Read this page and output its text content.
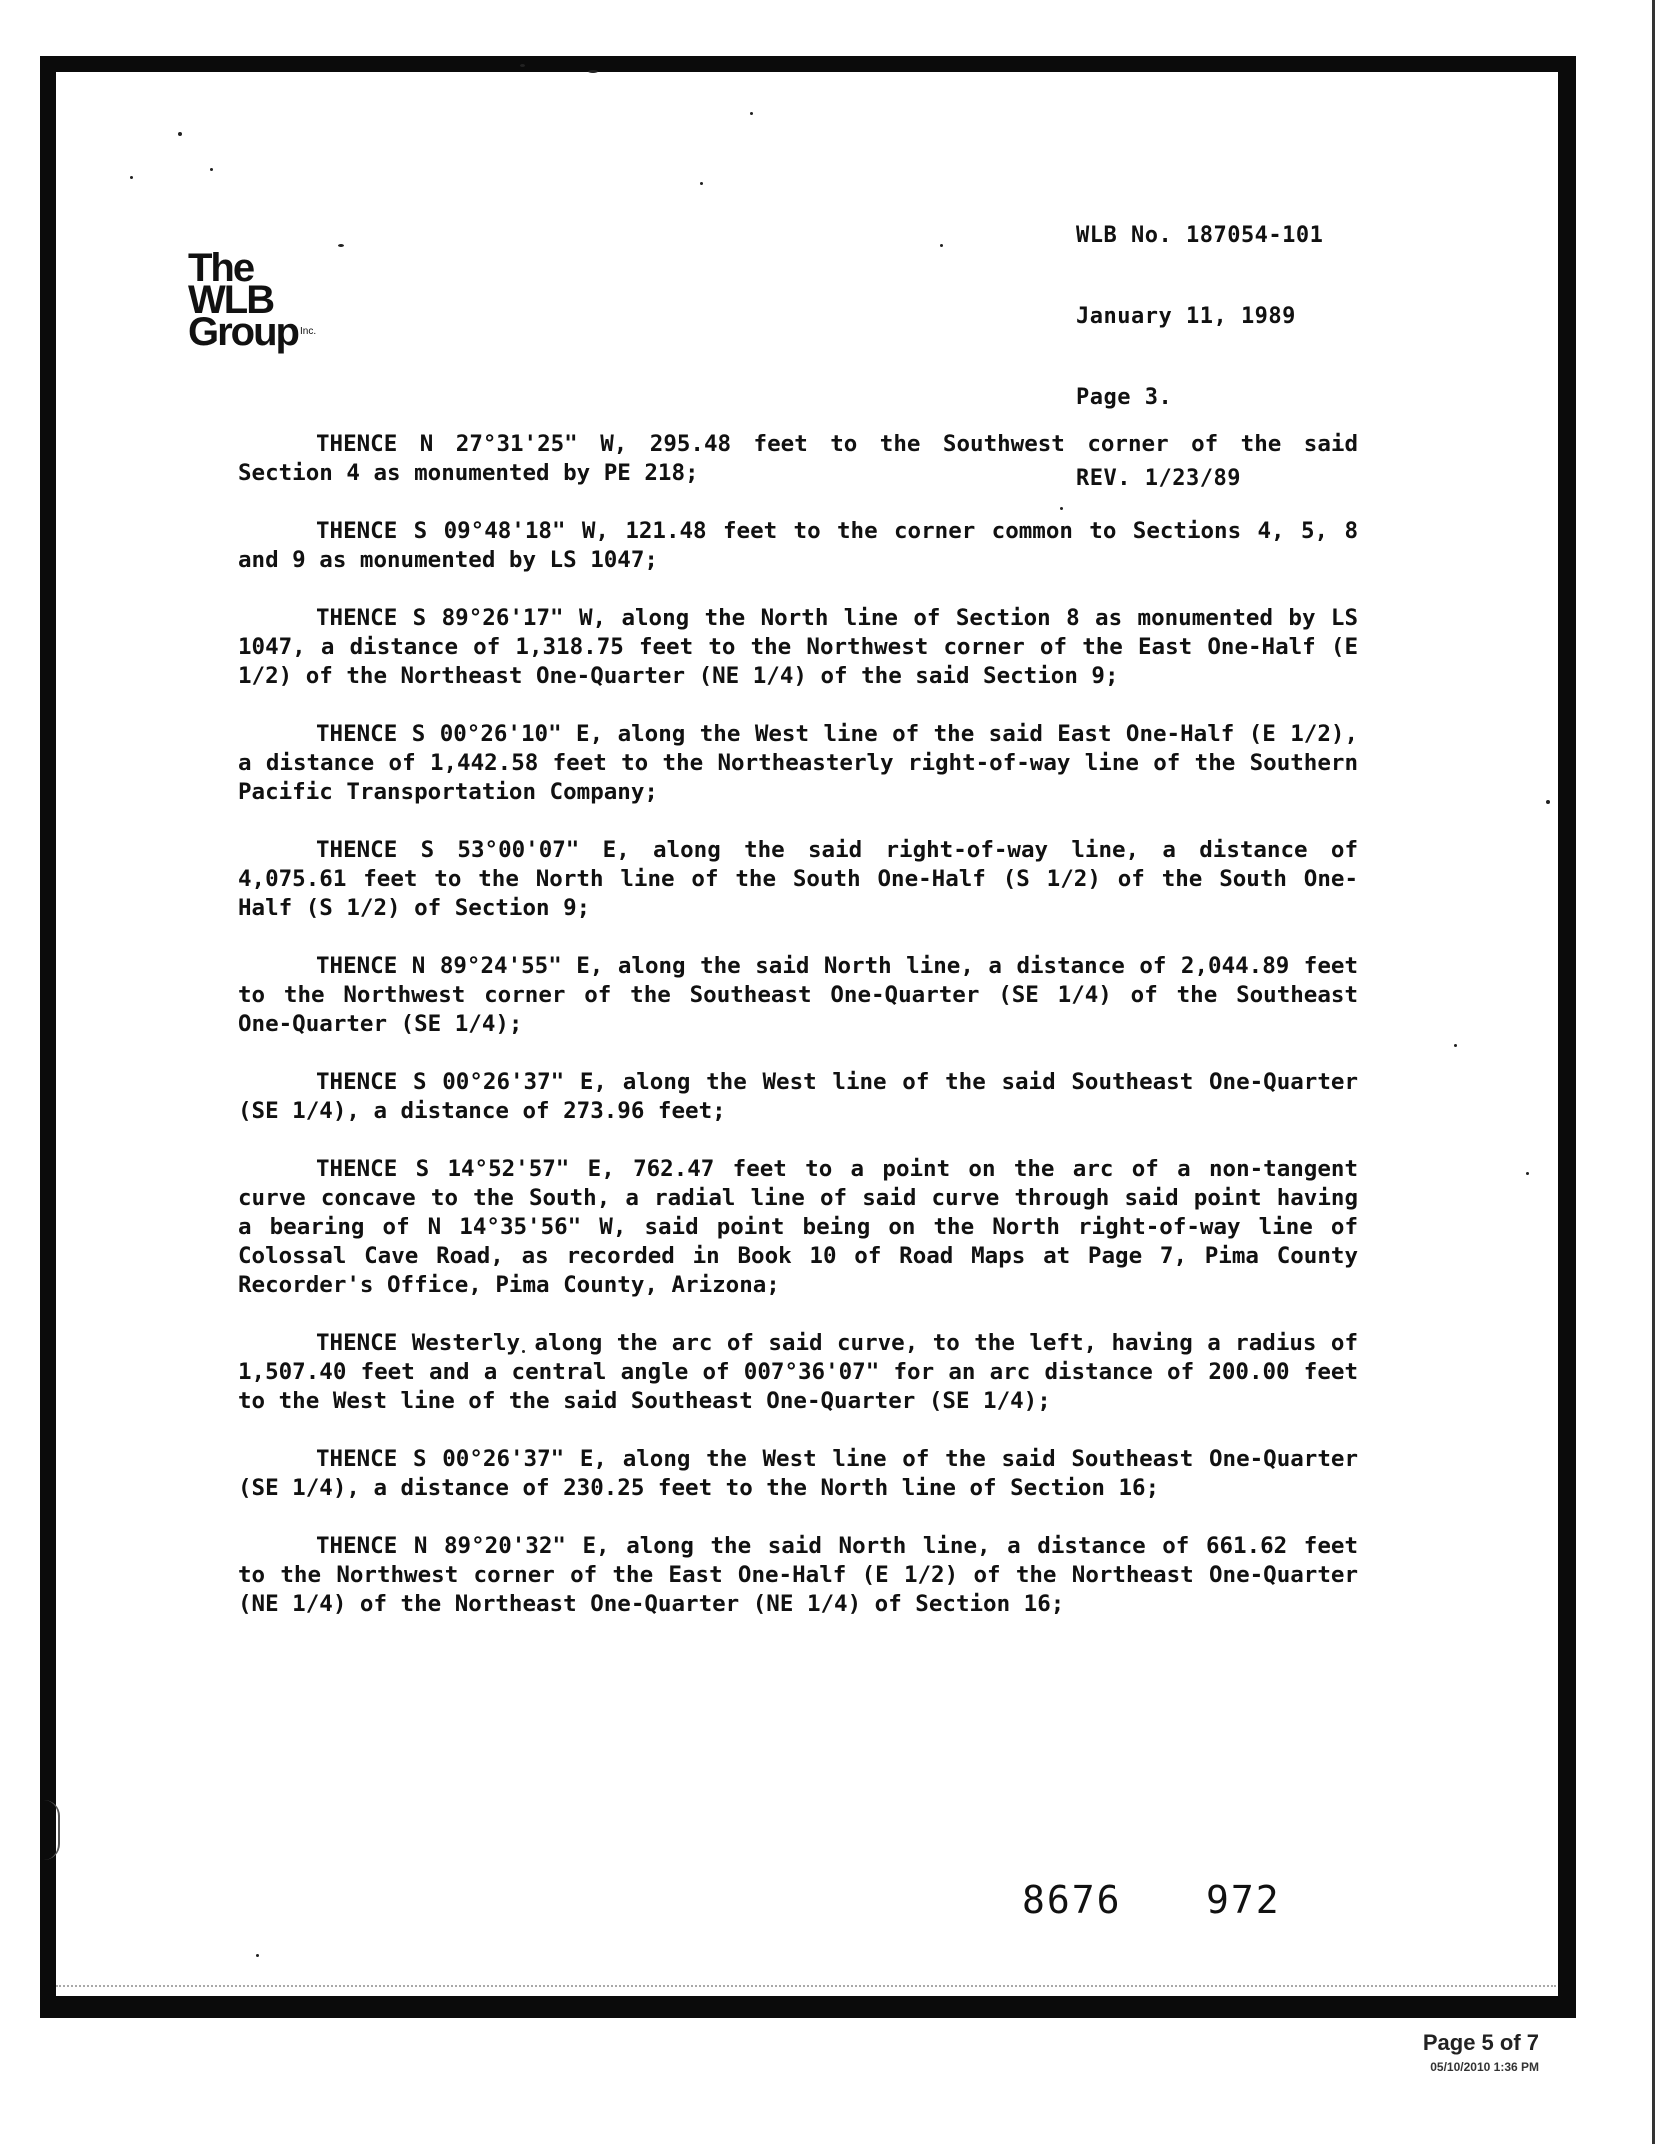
WLB No. 187054-101

January 11, 1989

Page 3.

REV. 1/23/89

The
WLB
Group Inc.

THENCE N 27°31'25" W, 295.48 feet to the Southwest corner of the said Section 4 as monumented by PE 218;

THENCE S 09°48'18" W, 121.48 feet to the corner common to Sections 4, 5, 8 and 9 as monumented by LS 1047;

THENCE S 89°26'17" W, along the North line of Section 8 as monumented by LS 1047, a distance of 1,318.75 feet to the Northwest corner of the East One-Half (E 1/2) of the Northeast One-Quarter (NE 1/4) of the said Section 9;

THENCE S 00°26'10" E, along the West line of the said East One-Half (E 1/2), a distance of 1,442.58 feet to the Northeasterly right-of-way line of the Southern Pacific Transportation Company;

THENCE S 53°00'07" E, along the said right-of-way line, a distance of 4,075.61 feet to the North line of the South One-Half (S 1/2) of the South One-Half (S 1/2) of Section 9;

THENCE N 89°24'55" E, along the said North line, a distance of 2,044.89 feet to the Northwest corner of the Southeast One-Quarter (SE 1/4) of the Southeast One-Quarter (SE 1/4);

THENCE S 00°26'37" E, along the West line of the said Southeast One-Quarter (SE 1/4), a distance of 273.96 feet;

THENCE S 14°52'57" E, 762.47 feet to a point on the arc of a non-tangent curve concave to the South, a radial line of said curve through said point having a bearing of N 14°35'56" W, said point being on the North right-of-way line of Colossal Cave Road, as recorded in Book 10 of Road Maps at Page 7, Pima County Recorder's Office, Pima County, Arizona;

THENCE Westerly along the arc of said curve, to the left, having a radius of 1,507.40 feet and a central angle of 007°36'07" for an arc distance of 200.00 feet to the West line of the said Southeast One-Quarter (SE 1/4);

THENCE S 00°26'37" E, along the West line of the said Southeast One-Quarter (SE 1/4), a distance of 230.25 feet to the North line of Section 16;

THENCE N 89°20'32" E, along the said North line, a distance of 661.62 feet to the Northwest corner of the East One-Half (E 1/2) of the Northeast One-Quarter (NE 1/4) of the Northeast One-Quarter (NE 1/4) of Section 16;

8676 972
Page 5 of 7
05/10/2010 1:36 PM
